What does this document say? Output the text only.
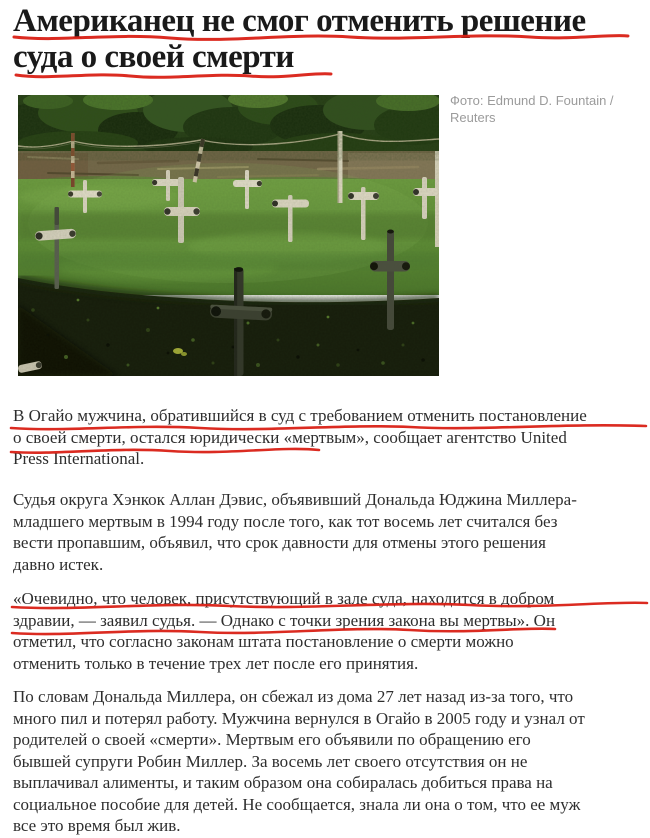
Американец не смог отменить решение
суда о своей смерти
Фото: Edmund D. Fountain /
Reuters

В Огайо мужчина, обратившийся в суд с требованием отменить постановление
о своей смерти, остался юридически «мертвым», сообщает агентство United
Press International.

Судья округа Хэнкок Аллан Дэвис, объявивший Дональда Юджина Миллера-
младшего мертвым в 1994 году после того, как тот восемь лет считался без
вести пропавшим, объявил, что срок давности для отмены этого решения
давно истек.

«Очевидно, что человек, присутствующий в зале суда, находится в добром
здравии, — заявил судья. — Однако с точки зрения закона вы мертвы». Он
отметил, что согласно законам штата постановление о смерти можно
отменить только в течение трех лет после его принятия.

По словам Дональда Миллера, он сбежал из дома 27 лет назад из-за того, что
много пил и потерял работу. Мужчина вернулся в Огайо в 2005 году и узнал от
родителей о своей «смерти». Мертвым его объявили по обращению его
бывшей супруги Робин Миллер. За восемь лет своего отсутствия он не
выплачивал алименты, и таким образом она собиралась добиться права на
социальное пособие для детей. Не сообщается, знала ли она о том, что ее муж
все это время был жив.
